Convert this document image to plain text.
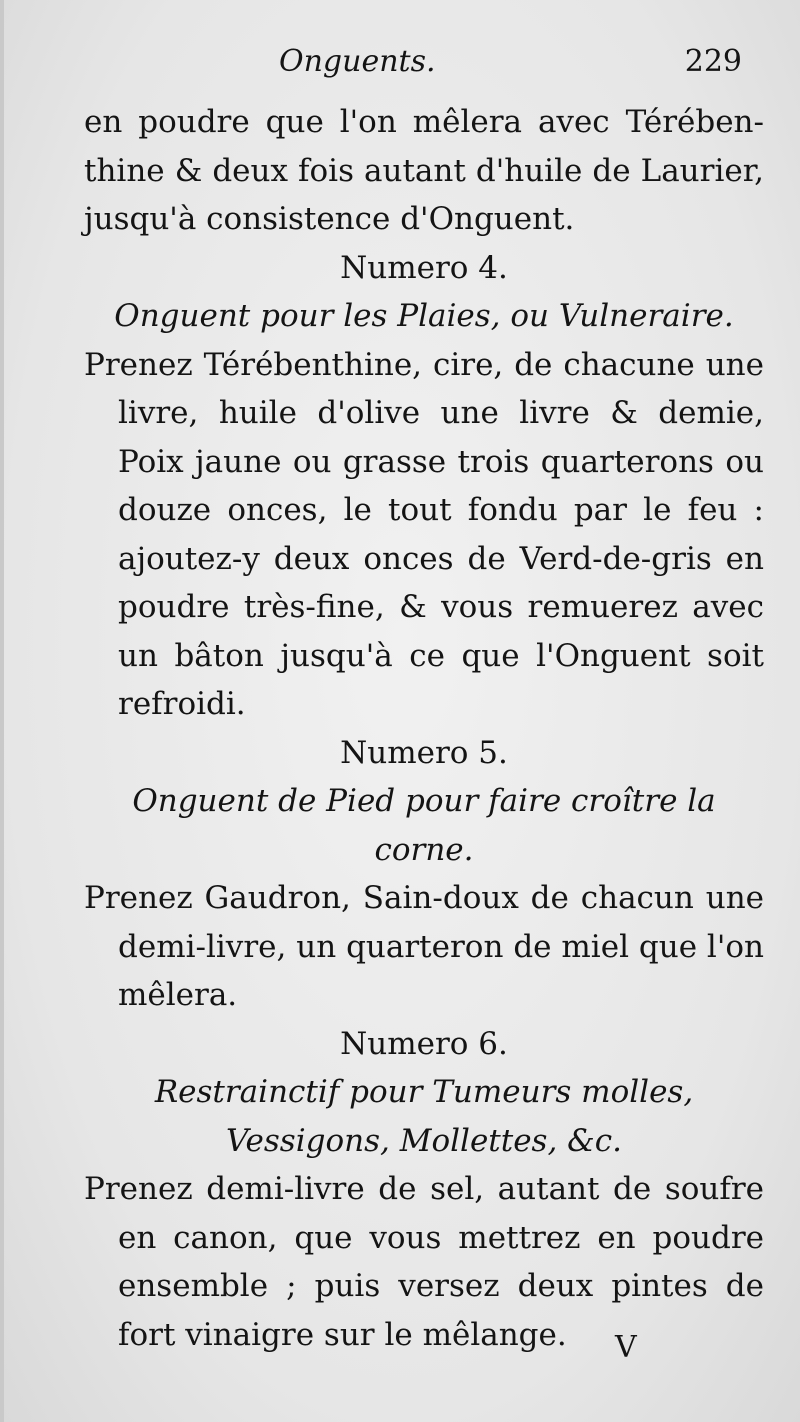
Onguents.	229

en poudre que l'on mêlera avec Térében-thine & deux fois autant d'huile de Laurier, jusqu'à consistence d'Onguent.

Numero 4.

Onguent pour les Plaies, ou Vulneraire.

Prenez Térébenthine, cire, de chacune une livre, huile d'olive une livre & demie, Poix jaune ou grasse trois quarterons ou douze onces, le tout fondu par le feu : ajoutez-y deux onces de Verd-de-gris en poudre très-fine, & vous remuerez avec un bâton jusqu'à ce que l'Onguent soit refroidi.

Numero 5.

Onguent de Pied pour faire croître la corne.

Prenez Gaudron, Sain-doux de chacun une demi-livre, un quarteron de miel que l'on mêlera.

Numero 6.

Restrainctif pour Tumeurs molles, Vessigons, Mollettes, &c.

Prenez demi-livre de sel, autant de soufre en canon, que vous mettrez en poudre ensemble ; puis versez deux pintes de fort vinaigre sur le mêlange.	V
